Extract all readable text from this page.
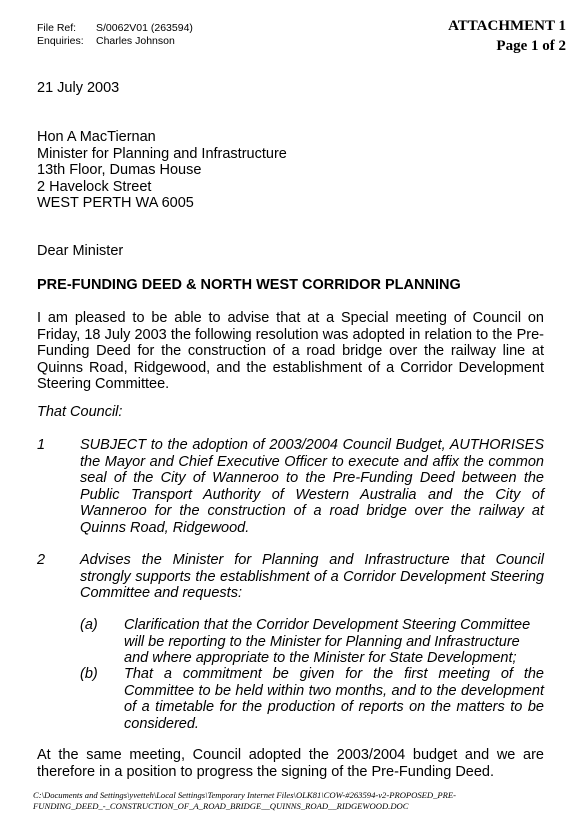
File Ref:	S/0062V01 (263594)
Enquiries:	Charles Johnson
ATTACHMENT 1
Page 1 of 2
21 July 2003
Hon A MacTiernan
Minister for Planning and Infrastructure
13th Floor, Dumas House
2 Havelock Street
WEST PERTH WA 6005
Dear Minister
PRE-FUNDING DEED & NORTH WEST CORRIDOR PLANNING
I am pleased to be able to advise that at a Special meeting of Council on Friday, 18 July 2003 the following resolution was adopted in relation to the Pre-Funding Deed for the construction of a road bridge over the railway line at Quinns Road, Ridgewood, and the establishment of a Corridor Development Steering Committee.
That Council:
1 SUBJECT to the adoption of 2003/2004 Council Budget, AUTHORISES the Mayor and Chief Executive Officer to execute and affix the common seal of the City of Wanneroo to the Pre-Funding Deed between the Public Transport Authority of Western Australia and the City of Wanneroo for the construction of a road bridge over the railway at Quinns Road, Ridgewood.
2 Advises the Minister for Planning and Infrastructure that Council strongly supports the establishment of a Corridor Development Steering Committee and requests:
(a) Clarification that the Corridor Development Steering Committee will be reporting to the Minister for Planning and Infrastructure and where appropriate to the Minister for State Development;
(b) That a commitment be given for the first meeting of the Committee to be held within two months, and to the development of a timetable for the production of reports on the matters to be considered.
At the same meeting, Council adopted the 2003/2004 budget and we are therefore in a position to progress the signing of the Pre-Funding Deed.
C:\Documents and Settings\yvetteh\Local Settings\Temporary Internet Files\OLK81\COW-#263594-v2-PROPOSED_PRE-
FUNDING_DEED_-_CONSTRUCTION_OF_A_ROAD_BRIDGE__QUINNS_ROAD__RIDGEWOOD.DOC
